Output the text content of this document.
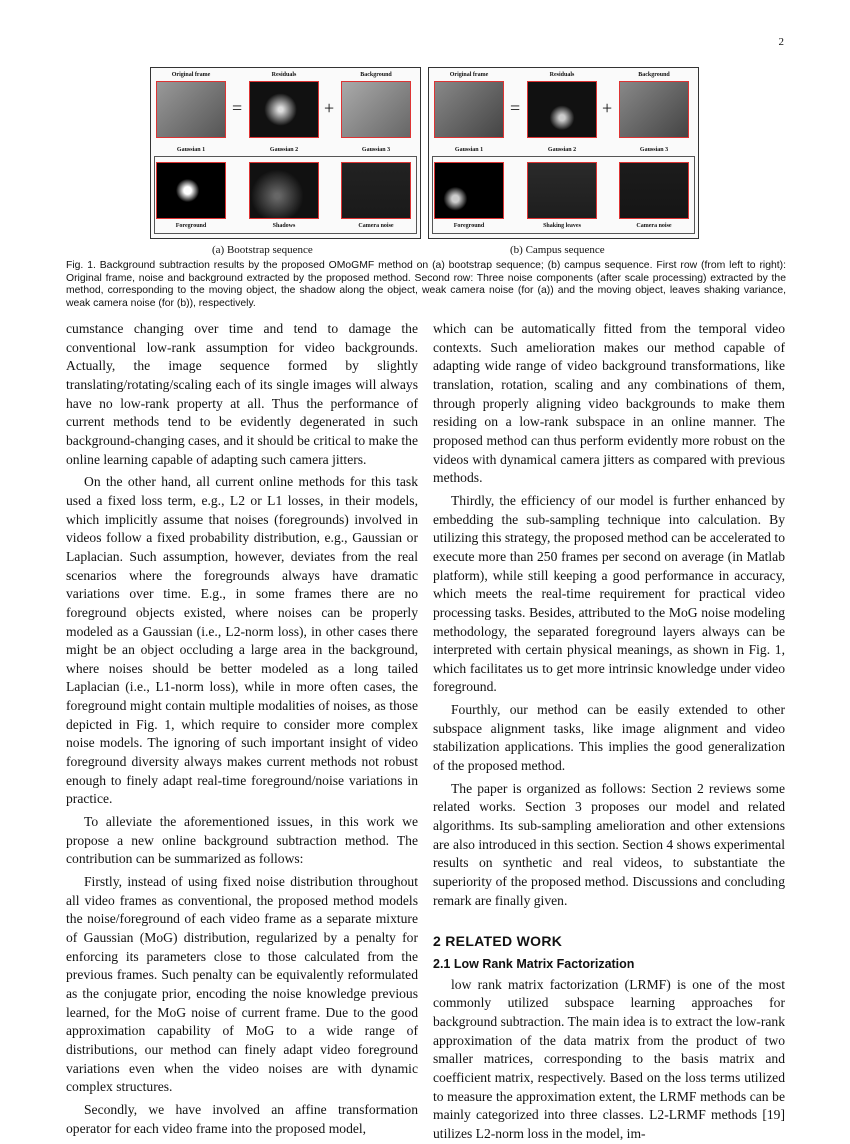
2
Original frame
Gaussian 1
Foreground
Residuals
Gaussian 2
Shadows
Background
Gaussian 3
Camera noise
=	+
Original frame
Gaussian 1
Foreground
Residuals
Gaussian 2
Shaking leaves
Background
Gaussian 3
Camera noise
=	+
(a) Bootstrap sequence	(b) Campus sequence
Fig. 1. Background subtraction results by the proposed OMoGMF method on (a) bootstrap sequence; (b) campus sequence. First row (from left to right): Original frame, noise and background extracted by the proposed method. Second row: Three noise components (after scale processing) extracted by the method, corresponding to the moving object, the shadow along the object, weak camera noise (for (a)) and the moving object, leaves shaking variance, weak camera noise (for (b)), respectively.

cumstance changing over time and tend to damage the conventional low-rank assumption for video backgrounds. Actually, the image sequence formed by slightly translating/rotating/scaling each of its single images will always have no low-rank property at all. Thus the performance of current methods tend to be evidently degenerated in such background-changing cases, and it should be critical to make the online learning capable of adapting such camera jitters.

On the other hand, all current online methods for this task used a fixed loss term, e.g., L2 or L1 losses, in their models, which implicitly assume that noises (foregrounds) involved in videos follow a fixed probability distribution, e.g., Gaussian or Laplacian. Such assumption, however, deviates from the real scenarios where the foregrounds always have dramatic variations over time. E.g., in some frames there are no foreground objects existed, where noises can be properly modeled as a Gaussian (i.e., L2-norm loss), in other cases there might be an object occluding a large area in the background, where noises should be better modeled as a long tailed Laplacian (i.e., L1-norm loss), while in more often cases, the foreground might contain multiple modalities of noises, as those depicted in Fig. 1, which require to consider more complex noise models. The ignoring of such important insight of video foreground diversity always makes current methods not robust enough to finely adapt real-time foreground/noise variations in practice.

To alleviate the aforementioned issues, in this work we propose a new online background subtraction method. The contribution can be summarized as follows:

Firstly, instead of using fixed noise distribution throughout all video frames as conventional, the proposed method models the noise/foreground of each video frame as a separate mixture of Gaussian (MoG) distribution, regularized by a penalty for enforcing its parameters close to those calculated from the previous frames. Such penalty can be equivalently reformulated as the conjugate prior, encoding the noise knowledge previous learned, for the MoG noise of current frame. Due to the good approximation capability of MoG to a wide range of distributions, our method can finely adapt video foreground variations even when the video noises are with dynamic complex structures.

Secondly, we have involved an affine transformation operator for each video frame into the proposed model,

which can be automatically fitted from the temporal video contexts. Such amelioration makes our method capable of adapting wide range of video background transformations, like translation, rotation, scaling and any combinations of them, through properly aligning video backgrounds to make them residing on a low-rank subspace in an online manner. The proposed method can thus perform evidently more robust on the videos with dynamical camera jitters as compared with previous methods.

Thirdly, the efficiency of our model is further enhanced by embedding the sub-sampling technique into calculation. By utilizing this strategy, the proposed method can be accelerated to execute more than 250 frames per second on average (in Matlab platform), while still keeping a good performance in accuracy, which meets the real-time requirement for practical video processing tasks. Besides, attributed to the MoG noise modeling methodology, the separated foreground layers always can be interpreted with certain physical meanings, as shown in Fig. 1, which facilitates us to get more intrinsic knowledge under video foreground.

Fourthly, our method can be easily extended to other subspace alignment tasks, like image alignment and video stabilization applications. This implies the good generalization of the proposed method.

The paper is organized as follows: Section 2 reviews some related works. Section 3 proposes our model and related algorithms. Its sub-sampling amelioration and other extensions are also introduced in this section. Section 4 shows experimental results on synthetic and real videos, to substantiate the superiority of the proposed method. Discussions and concluding remark are finally given.

2 RELATED WORK
2.1 Low Rank Matrix Factorization

low rank matrix factorization (LRMF) is one of the most commonly utilized subspace learning approaches for background subtraction. The main idea is to extract the low-rank approximation of the data matrix from the product of two smaller matrices, corresponding to the basis matrix and coefficient matrix, respectively. Based on the loss terms utilized to measure the approximation extent, the LRMF methods can be mainly categorized into three classes. L2-LRMF methods [19] utilizes L2-norm loss in the model, im-
